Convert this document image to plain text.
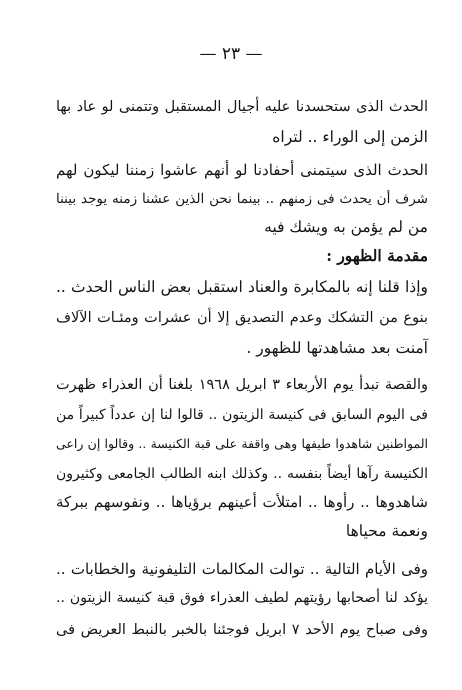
— ٢٣ —
الحدث الذى ستحسدنا عليه أجيال المستقبل وتتمنى لو عاد بها
الزمن إلى الوراء .. لتراه
الحدث الذى سيتمنى أحفادنا لو أنهم عاشوا زمننا ليكون لهم
شرف أن يحدث فى زمنهم .. بينما نحن الذين عشنا زمنه يوجد بيننا
من لم يؤمن به ويشك فيه
مقدمة الظهور :
وإذا قلنا إنه بالمكابرة والعناد استقبل بعض الناس الحدث ..
بنوع من التشكك وعدم التصديق إلا أن عشرات ومئـات الآلاف
آمنت بعد مشاهدتها للظهور .
والقصة تبدأ يوم الأربعاء ٣ ابريل ١٩٦٨ بلغنا أن العذراء ظهرت
فى اليوم السابق فى كنيسة الزيتون .. قالوا لنا إن عدداً كبيراً من
المواطنين شاهدوا طيفها وهى واقفة على قبة الكنيسة .. وقالوا إن راعى
الكنيسة رآها أيضاً بنفسه .. وكذلك ابنه الطالب الجامعى وكثيرون
شاهدوها .. رأوها .. امتلأت أعينهم برؤياها .. ونفوسهم ببركة
ونعمة محياها
وفى الأيام التالية .. توالت المكالمات التليفونية والخطابات ..
يؤكد لنا أصحابها رؤيتهم لطيف العذراء فوق قبة كنيسة الزيتون ..
وفى صباح يوم الأحد ٧ ابريل فوجئنا بالخبر بالنبط العريض فى
